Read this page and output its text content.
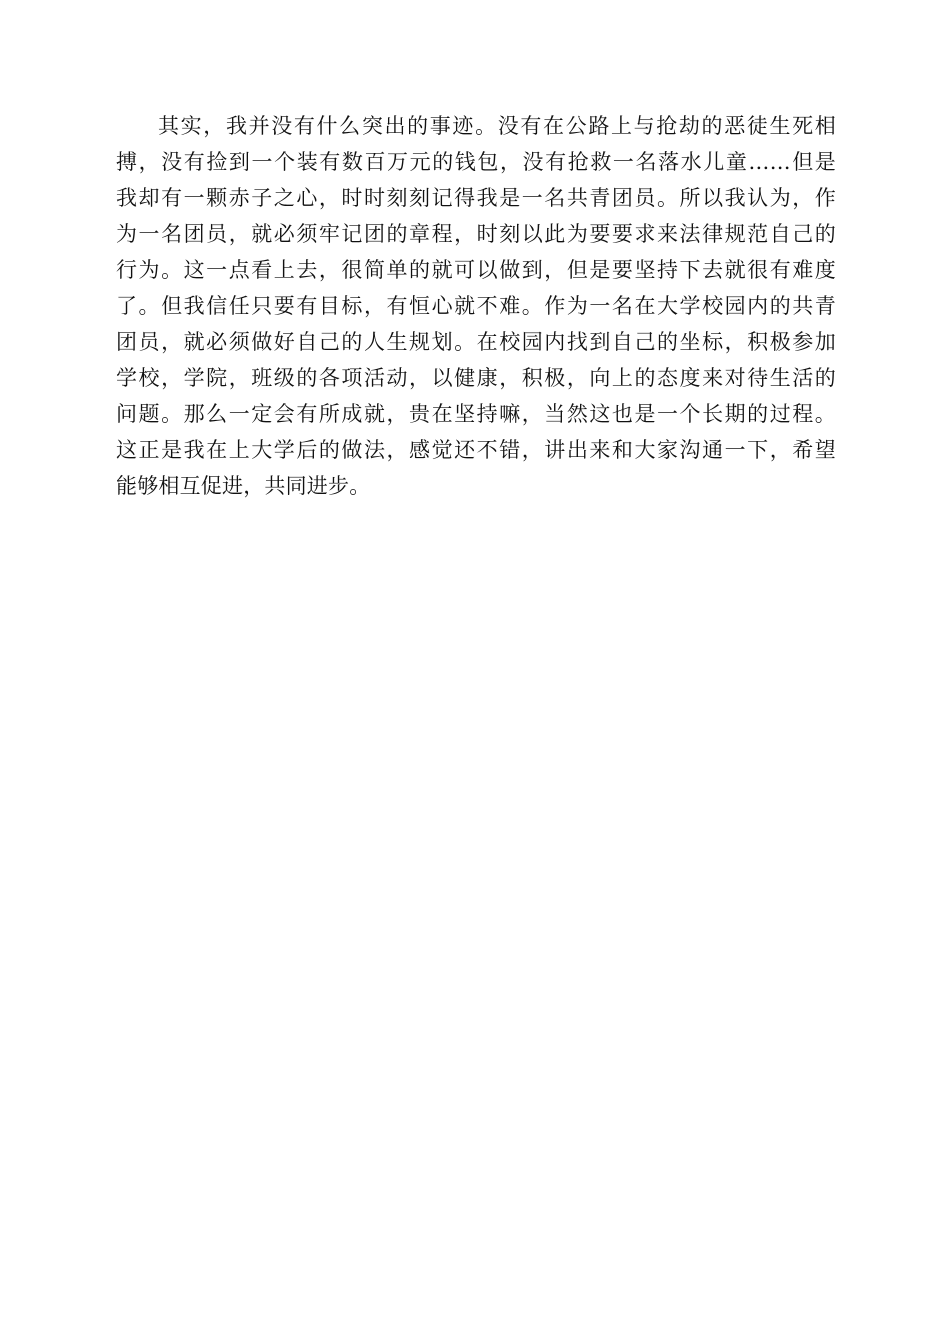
其实，我并没有什么突出的事迹。没有在公路上与抢劫的恶徒生死相
搏，没有捡到一个装有数百万元的钱包，没有抢救一名落水儿童……但是
我却有一颗赤子之心，时时刻刻记得我是一名共青团员。所以我认为，作
为一名团员，就必须牢记团的章程，时刻以此为要要求来法律规范自己的
行为。这一点看上去，很简单的就可以做到，但是要坚持下去就很有难度
了。但我信任只要有目标，有恒心就不难。作为一名在大学校园内的共青
团员，就必须做好自己的人生规划。在校园内找到自己的坐标，积极参加
学校，学院，班级的各项活动，以健康，积极，向上的态度来对待生活的
问题。那么一定会有所成就，贵在坚持嘛，当然这也是一个长期的过程。
这正是我在上大学后的做法，感觉还不错，讲出来和大家沟通一下，希望
能够相互促进，共同进步。
